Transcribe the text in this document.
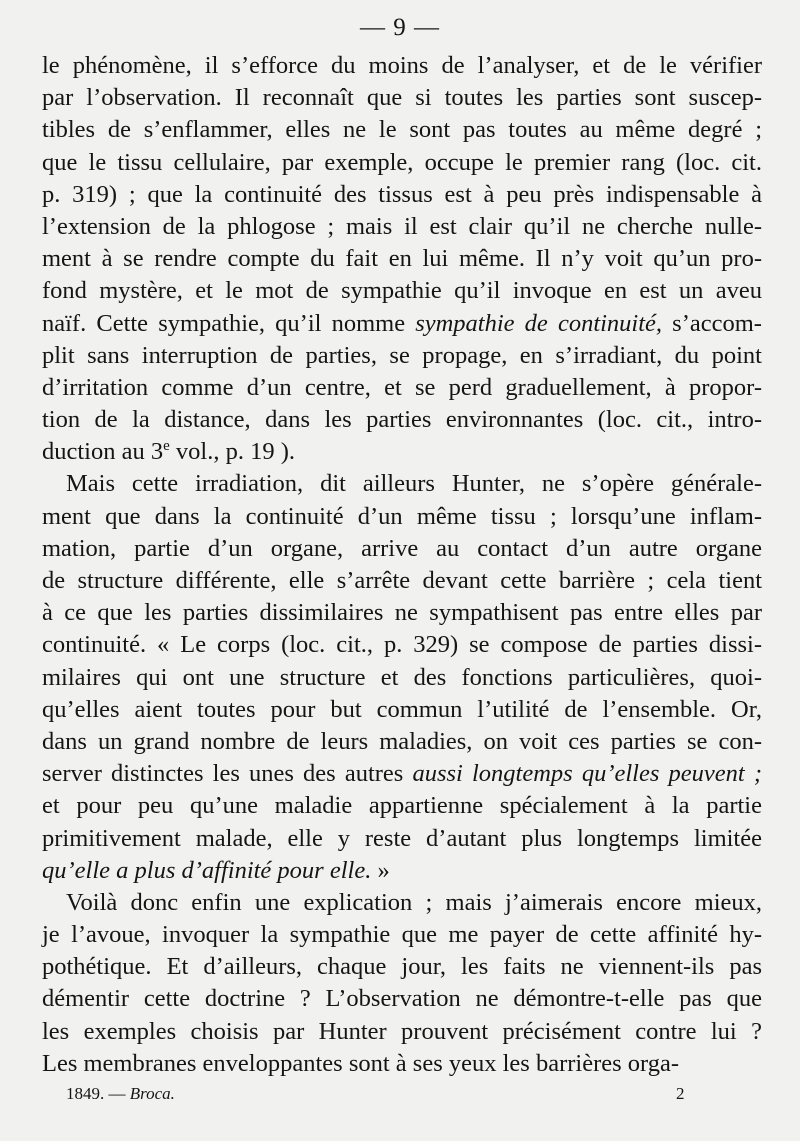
— 9 —
le phénomène, il s’efforce du moins de l’analyser, et de le vérifier
par l’observation. Il reconnaît que si toutes les parties sont suscep-
tibles de s’enflammer, elles ne le sont pas toutes au même degré ;
que le tissu cellulaire, par exemple, occupe le premier rang (loc. cit.
p. 319) ; que la continuité des tissus est à peu près indispensable à
l’extension de la phlogose ; mais il est clair qu’il ne cherche nulle-
ment à se rendre compte du fait en lui même. Il n’y voit qu’un pro-
fond mystère, et le mot de sympathie qu’il invoque en est un aveu
naïf. Cette sympathie, qu’il nomme sympathie de continuité, s’accom-
plit sans interruption de parties, se propage, en s’irradiant, du point
d’irritation comme d’un centre, et se perd graduellement, à propor-
tion de la distance, dans les parties environnantes (loc. cit., intro-
duction au 3e vol., p. 19 ).
Mais cette irradiation, dit ailleurs Hunter, ne s’opère générale-
ment que dans la continuité d’un même tissu ; lorsqu’une inflam-
mation, partie d’un organe, arrive au contact d’un autre organe
de structure différente, elle s’arrête devant cette barrière ; cela tient
à ce que les parties dissimilaires ne sympathisent pas entre elles par
continuité. « Le corps (loc. cit., p. 329) se compose de parties dissi-
milaires qui ont une structure et des fonctions particulières, quoi-
qu’elles aient toutes pour but commun l’utilité de l’ensemble. Or,
dans un grand nombre de leurs maladies, on voit ces parties se con-
server distinctes les unes des autres aussi longtemps qu’elles peuvent ;
et pour peu qu’une maladie appartienne spécialement à la partie
primitivement malade, elle y reste d’autant plus longtemps limitée
qu’elle a plus d’affinité pour elle. »
Voilà donc enfin une explication ; mais j’aimerais encore mieux,
je l’avoue, invoquer la sympathie que me payer de cette affinité hy-
pothétique. Et d’ailleurs, chaque jour, les faits ne viennent-ils pas
démentir cette doctrine ? L’observation ne démontre-t-elle pas que
les exemples choisis par Hunter prouvent précisément contre lui ?
Les membranes enveloppantes sont à ses yeux les barrières orga-
1849. — Broca.	2
